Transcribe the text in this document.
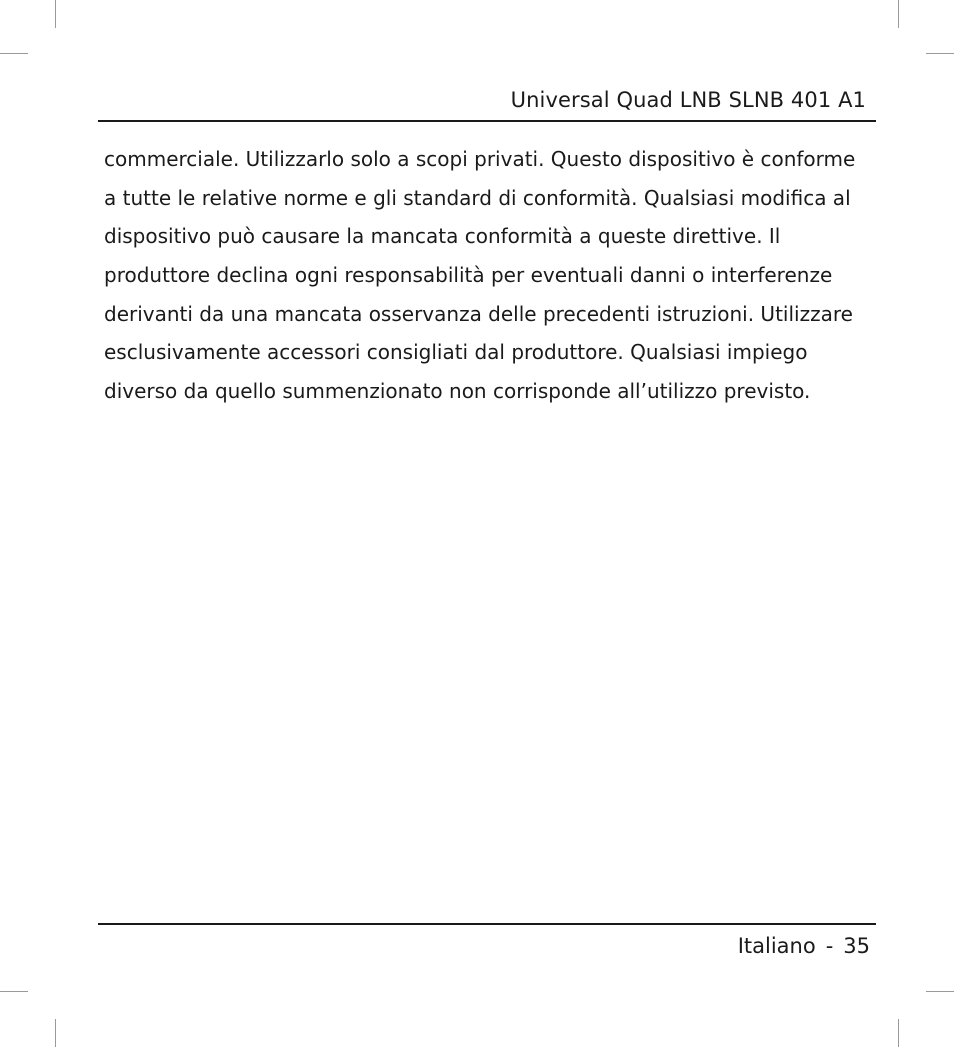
Universal Quad LNB SLNB 401 A1
commerciale. Utilizzarlo solo a scopi privati. Questo dispositivo è conforme
a tutte le relative norme e gli standard di conformità. Qualsiasi modifica al
dispositivo può causare la mancata conformità a queste direttive. Il
produttore declina ogni responsabilità per eventuali danni o interferenze
derivanti da una mancata osservanza delle precedenti istruzioni. Utilizzare
esclusivamente accessori consigliati dal produttore. Qualsiasi impiego
diverso da quello summenzionato non corrisponde all’utilizzo previsto.
Italiano - 35
